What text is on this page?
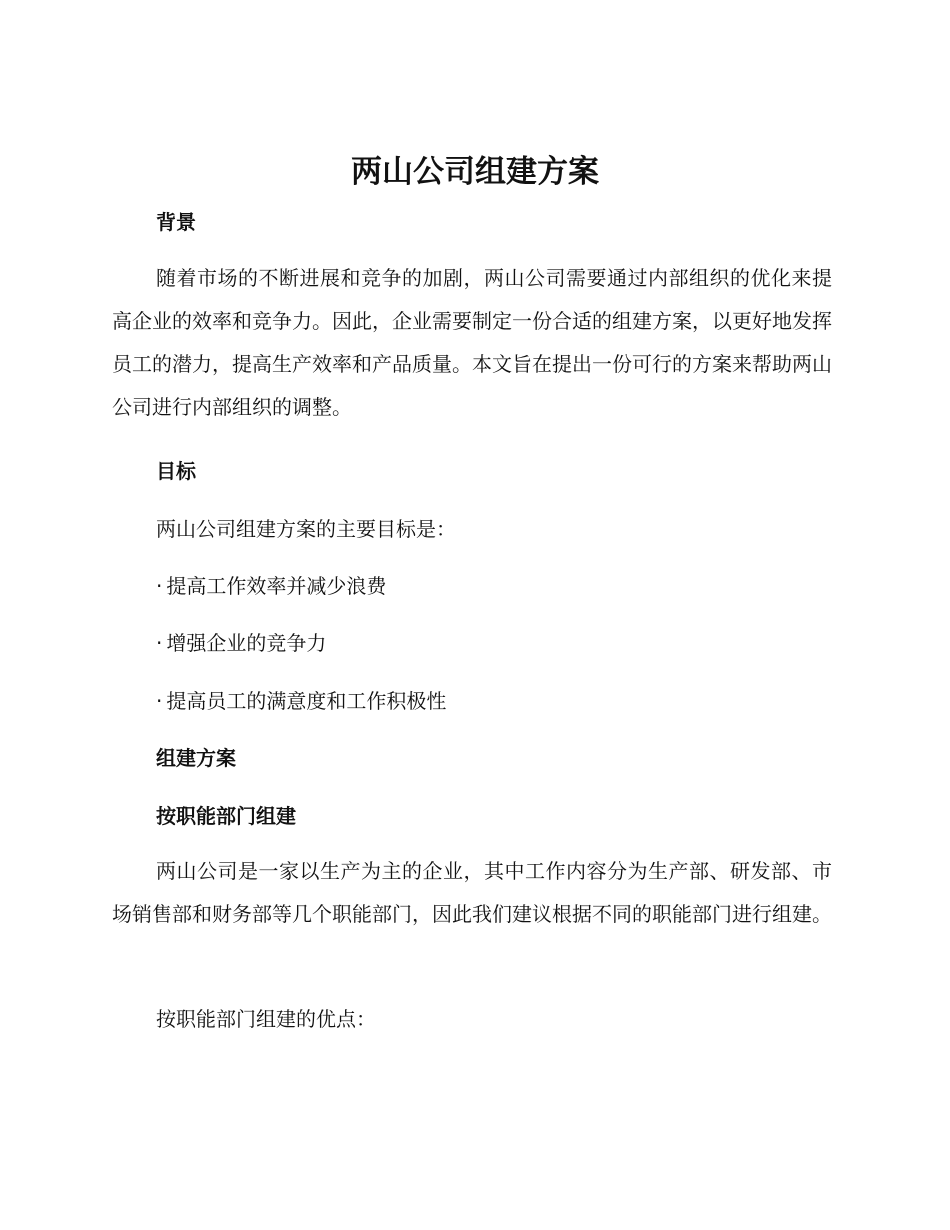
两山公司组建方案
背景
随着市场的不断进展和竞争的加剧，两山公司需要通过内部组织的优化来提高企业的效率和竞争力。因此，企业需要制定一份合适的组建方案，以更好地发挥员工的潜力，提高生产效率和产品质量。本文旨在提出一份可行的方案来帮助两山公司进行内部组织的调整。
目标
两山公司组建方案的主要目标是：
· 提高工作效率并减少浪费
· 增强企业的竞争力
· 提高员工的满意度和工作积极性
组建方案
按职能部门组建
两山公司是一家以生产为主的企业，其中工作内容分为生产部、研发部、市场销售部和财务部等几个职能部门，因此我们建议根据不同的职能部门进行组建。
按职能部门组建的优点：
